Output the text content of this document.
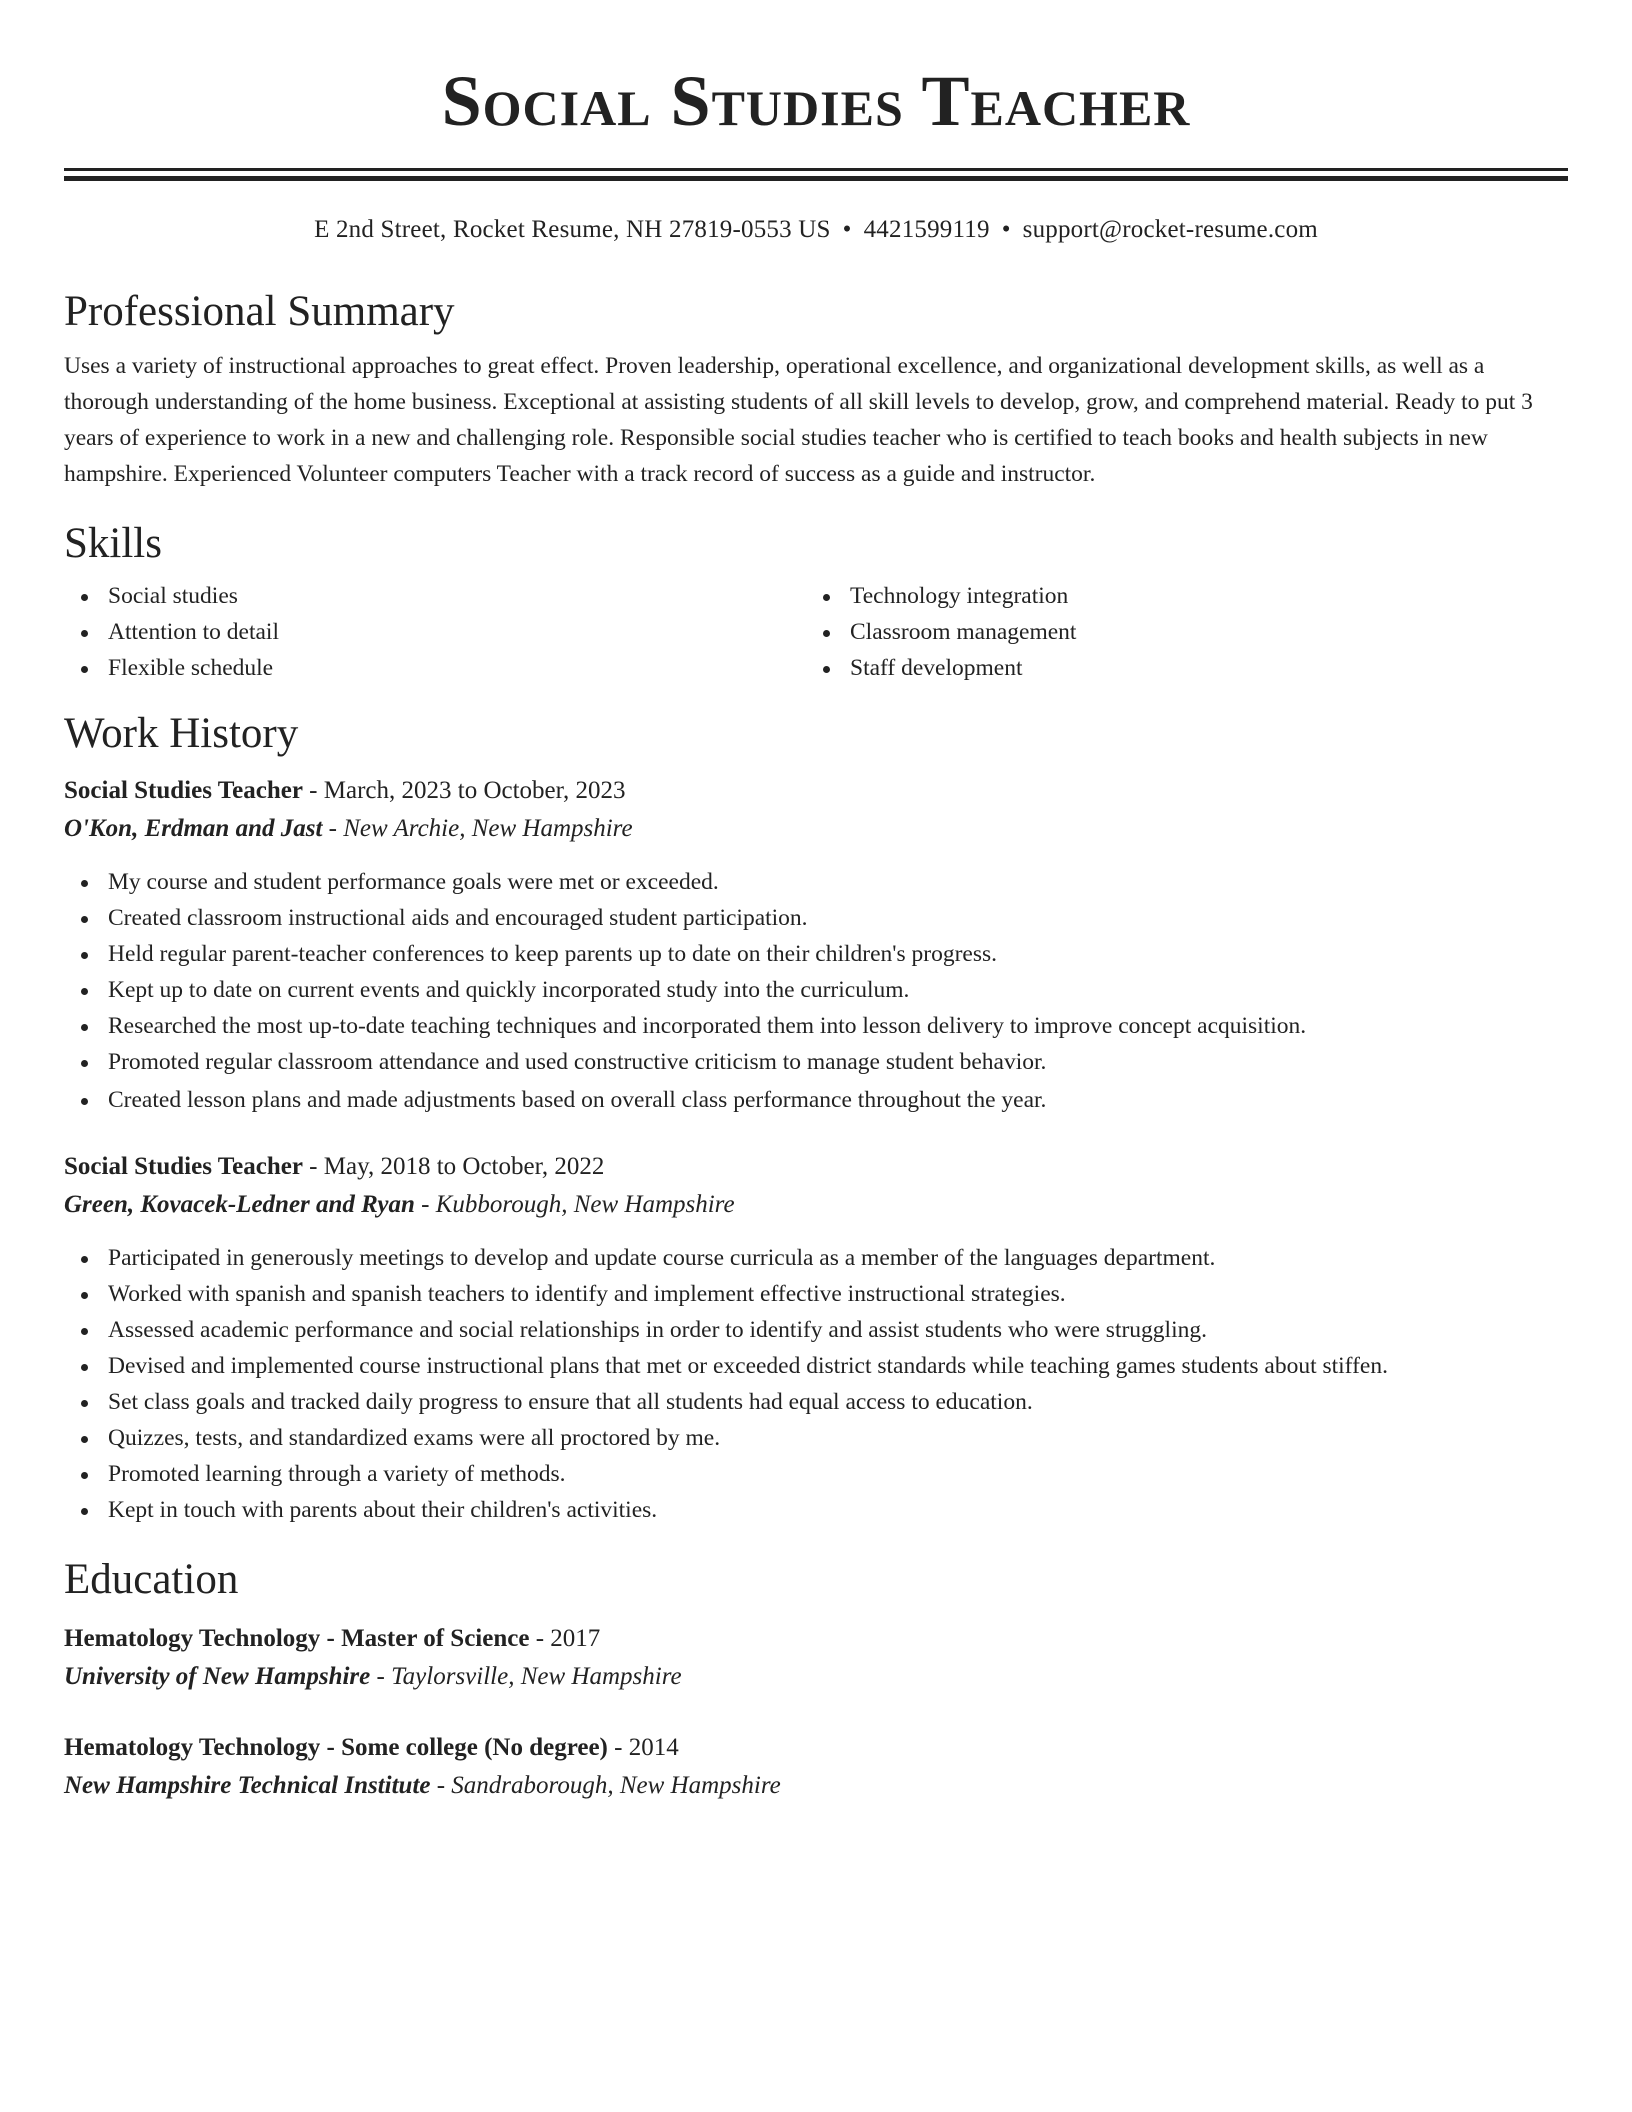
Social Studies Teacher
E 2nd Street, Rocket Resume, NH 27819-0553 US • 4421599119 • support@rocket-resume.com
Professional Summary

Uses a variety of instructional approaches to great effect. Proven leadership, operational excellence, and organizational development skills, as well as a thorough understanding of the home business. Exceptional at assisting students of all skill levels to develop, grow, and comprehend material. Ready to put 3 years of experience to work in a new and challenging role. Responsible social studies teacher who is certified to teach books and health subjects in new hampshire. Experienced Volunteer computers Teacher with a track record of success as a guide and instructor.

Skills
Social studies
Attention to detail
Flexible schedule
Technology integration
Classroom management
Staff development
Work History
Social Studies Teacher - March, 2023 to October, 2023
O'Kon, Erdman and Jast - New Archie, New Hampshire
My course and student performance goals were met or exceeded.
Created classroom instructional aids and encouraged student participation.
Held regular parent-teacher conferences to keep parents up to date on their children's progress.
Kept up to date on current events and quickly incorporated study into the curriculum.
Researched the most up-to-date teaching techniques and incorporated them into lesson delivery to improve concept acquisition.
Promoted regular classroom attendance and used constructive criticism to manage student behavior.
Created lesson plans and made adjustments based on overall class performance throughout the year.
Social Studies Teacher - May, 2018 to October, 2022
Green, Kovacek-Ledner and Ryan - Kubborough, New Hampshire
Participated in generously meetings to develop and update course curricula as a member of the languages department.
Worked with spanish and spanish teachers to identify and implement effective instructional strategies.
Assessed academic performance and social relationships in order to identify and assist students who were struggling.
Devised and implemented course instructional plans that met or exceeded district standards while teaching games students about stiffen.
Set class goals and tracked daily progress to ensure that all students had equal access to education.
Quizzes, tests, and standardized exams were all proctored by me.
Promoted learning through a variety of methods.
Kept in touch with parents about their children's activities.
Education
Hematology Technology - Master of Science - 2017
University of New Hampshire - Taylorsville, New Hampshire
Hematology Technology - Some college (No degree) - 2014
New Hampshire Technical Institute - Sandraborough, New Hampshire
